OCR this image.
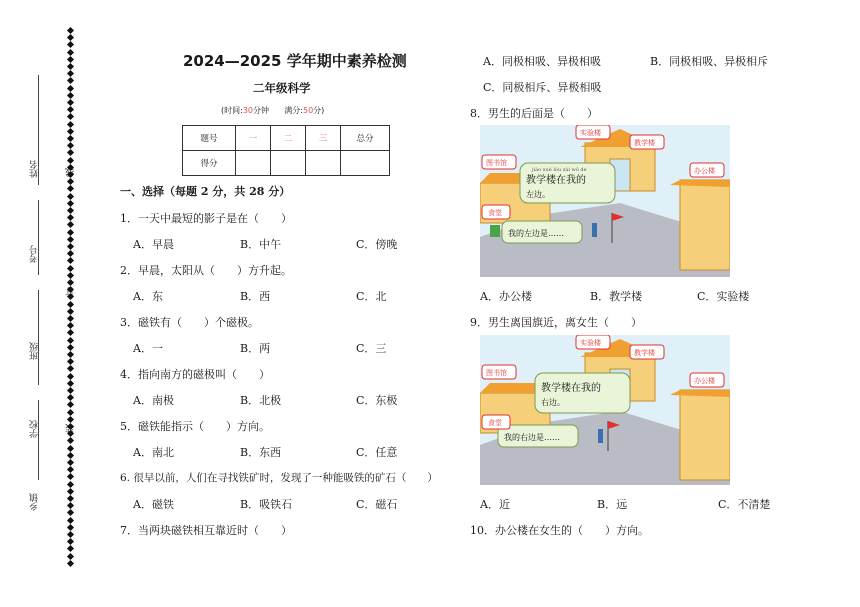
姓名
考号
班级
学校
乡镇
2024—2025 学年期中素养检测
二年级科学
(时间:30分钟 满分:50分)
题号	一	二	三	总分
得分				
一、选择（每题 2 分，共 28 分）
1．一天中最短的影子是在（　　）
A．早晨	B．中午	C．傍晚
2．早晨，太阳从（　　）方升起。
A．东	B．西	C．北
3．磁铁有（　　）个磁极。
A．一	B．两	C．三
4．指向南方的磁极叫（　　）
A．南极	B．北极	C．东极
5．磁铁能指示（　　）方向。
A．南北	B．东西	C．任意
6. 很早以前，人们在寻找铁矿时，发现了一种能吸铁的矿石（　　）
A．磁铁	B．吸铁石	C．磁石
7．当两块磁铁相互靠近时（　　）
A．同极相吸、异极相吸	B．同极相吸、异极相斥
C．同极相斥、异极相吸
8．男生的后面是（　　）
jiào xué lóu zài wǒ de
教学楼在我的
左边。
我的左边是……
实验楼
教学楼
办公楼
图书馆
食堂
A．办公楼	B．教学楼	C．实验楼
9．男生离国旗近，离女生（　　）
教学楼在我的
右边。
我的右边是……
实验楼
教学楼
办公楼
图书馆
食堂
A．近	B．远	C．不清楚
10．办公楼在女生的（　　）方向。
